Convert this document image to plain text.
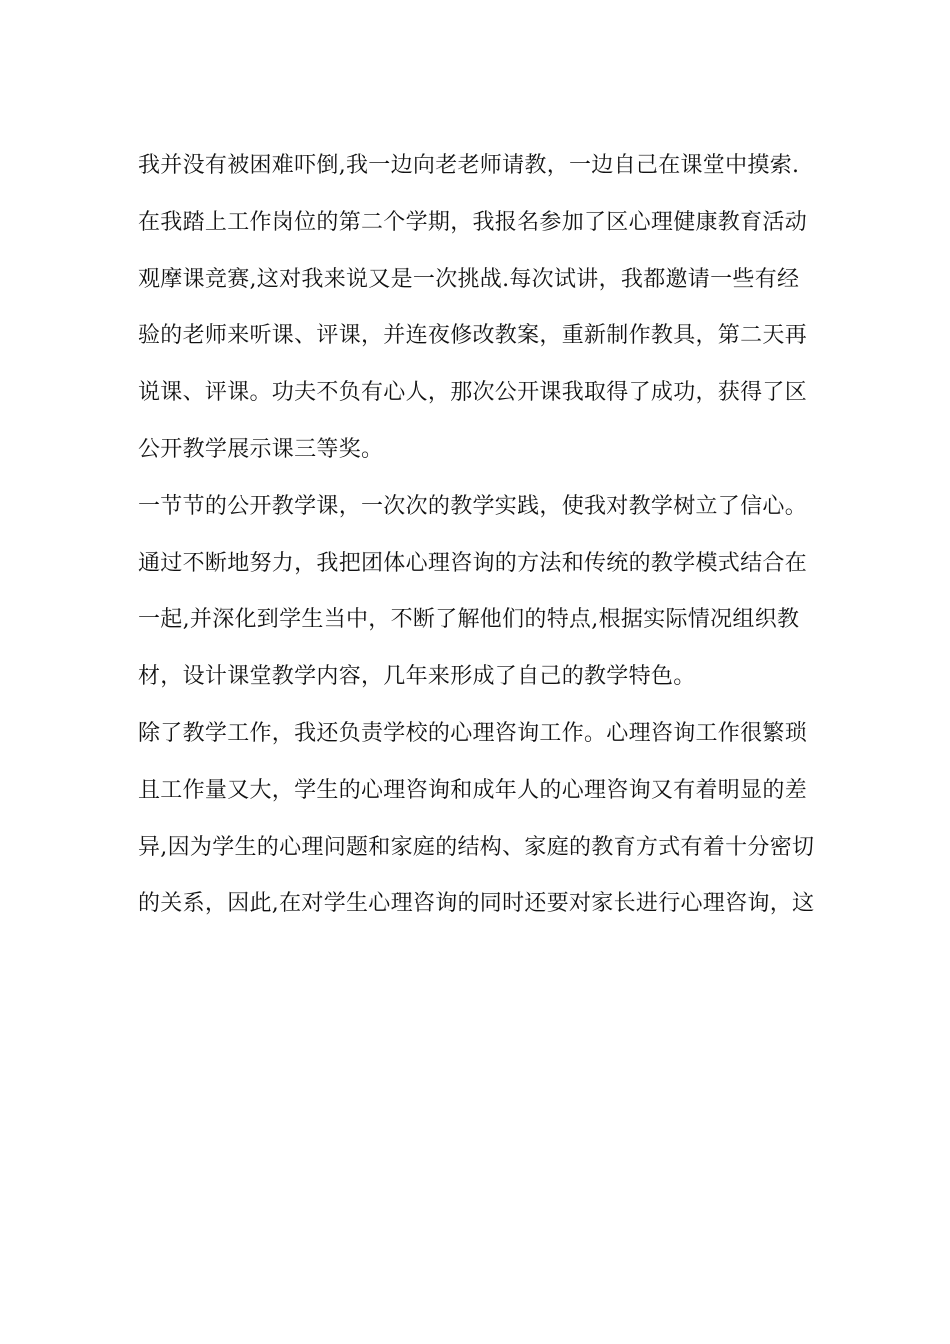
我并没有被困难吓倒,我一边向老老师请教，一边自己在课堂中摸索.
在我踏上工作岗位的第二个学期，我报名参加了区心理健康教育活动
观摩课竞赛,这对我来说又是一次挑战.每次试讲，我都邀请一些有经
验的老师来听课、评课，并连夜修改教案，重新制作教具，第二天再
说课、评课。功夫不负有心人，那次公开课我取得了成功，获得了区
公开教学展示课三等奖。
一节节的公开教学课，一次次的教学实践，使我对教学树立了信心。
通过不断地努力，我把团体心理咨询的方法和传统的教学模式结合在
一起,并深化到学生当中，不断了解他们的特点,根据实际情况组织教
材，设计课堂教学内容，几年来形成了自己的教学特色。
除了教学工作，我还负责学校的心理咨询工作。心理咨询工作很繁琐
且工作量又大，学生的心理咨询和成年人的心理咨询又有着明显的差
异,因为学生的心理问题和家庭的结构、家庭的教育方式有着十分密切
的关系，因此,在对学生心理咨询的同时还要对家长进行心理咨询，这
